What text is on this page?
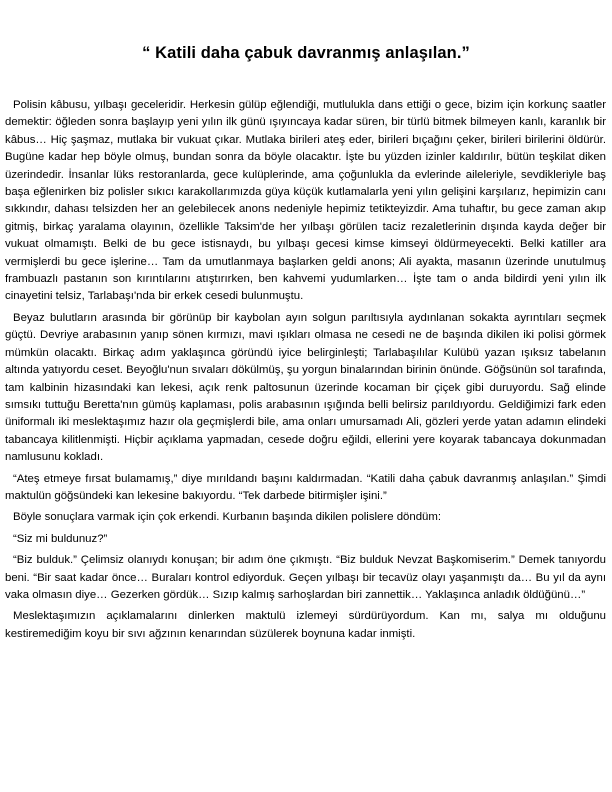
“ Katili daha çabuk davranmış anlaşılan.”

Polisin kâbusu, yılbaşı geceleridir. Herkesin gülüp eğlendiği, mutlulukla dans ettiği o gece, bizim için korkunç saatler demektir: öğleden sonra başlayıp yeni yılın ilk günü ışıyıncaya kadar süren, bir türlü bitmek bilmeyen kanlı, karanlık bir kâbus… Hiç şaşmaz, mutlaka bir vukuat çıkar. Mutlaka birileri ateş eder, birileri bıçağını çeker, birileri birilerini öldürür. Bugüne kadar hep böyle olmuş, bundan sonra da böyle olacaktır. İşte bu yüzden izinler kaldırılır, bütün teşkilat diken üzerindedir. İnsanlar lüks restoranlarda, gece kulüplerinde, ama çoğunlukla da evlerinde aileleriyle, sevdikleriyle baş başa eğlenirken biz polisler sıkıcı karakollarımızda güya küçük kutlamalarla yeni yılın gelişini karşılarız, hepimizin canı sıkkındır, dahası telsizden her an gelebilecek anons nedeniyle hepimiz tetikteyizdir. Ama tuhaftır, bu gece zaman akıp gitmiş, birkaç yaralama olayının, özellikle Taksim'de her yılbaşı görülen taciz rezaletlerinin dışında kayda değer bir vukuat olmamıştı. Belki de bu gece istisnaydı, bu yılbaşı gecesi kimse kimseyi öldürmeyecekti. Belki katiller ara vermişlerdi bu gece işlerine… Tam da umutlanmaya başlarken geldi anons; Ali ayakta, masanın üzerinde unutulmuş frambuazlı pastanın son kırıntılarını atıştırırken, ben kahvemi yudumlarken… İşte tam o anda bildirdi yeni yılın ilk cinayetini telsiz, Tarlabaşı'nda bir erkek cesedi bulunmuştu.

Beyaz bulutların arasında bir görünüp bir kaybolan ayın solgun parıltısıyla aydınlanan sokakta ayrıntıları seçmek güçtü. Devriye arabasının yanıp sönen kırmızı, mavi ışıkları olmasa ne cesedi ne de başında dikilen iki polisi görmek mümkün olacaktı. Birkaç adım yaklaşınca göründü iyice belirginleşti; Tarlabaşılılar Kulübü yazan ışıksız tabelanın altında yatıyordu ceset. Beyoğlu'nun sıvaları dökülmüş, şu yorgun binalarından birinin önünde. Göğsünün sol tarafında, tam kalbinin hizasındaki kan lekesi, açık renk paltosunun üzerinde kocaman bir çiçek gibi duruyordu. Sağ elinde sımsıkı tuttuğu Beretta'nın gümüş kaplaması, polis arabasının ışığında belli belirsiz parıldıyordu. Geldiğimizi fark eden üniformalı iki meslektaşımız hazır ola geçmişlerdi bile, ama onları umursamadı Ali, gözleri yerde yatan adamın elindeki tabancaya kilitlenmişti. Hiçbir açıklama yapmadan, cesede doğru eğildi, ellerini yere koyarak tabancaya dokunmadan namlusunu kokladı.

“Ateş etmeye fırsat bulamamış,” diye mırıldandı başını kaldırmadan. “Katili daha çabuk davranmış anlaşılan.” Şimdi maktulün göğsündeki kan lekesine bakıyordu. “Tek darbede bitirmişler işini.”

Böyle sonuçlara varmak için çok erkendi. Kurbanın başında dikilen polislere döndüm:

“Siz mi buldunuz?”

“Biz bulduk.” Çelimsiz olanıydı konuşan; bir adım öne çıkmıştı. “Biz bulduk Nevzat Başkomiserim.” Demek tanıyordu beni. “Bir saat kadar önce… Buraları kontrol ediyorduk. Geçen yılbaşı bir tecavüz olayı yaşanmıştı da… Bu yıl da aynı vaka olmasın diye… Gezerken gördük… Sızıp kalmış sarhoşlardan biri zannettik… Yaklaşınca anladık öldüğünü…”

Meslektaşımızın açıklamalarını dinlerken maktulü izlemeyi sürdürüyordum. Kan mı, salya mı olduğunu kestiremediğim koyu bir sıvı ağzının kenarından süzülerek boynuna kadar inmişti.
